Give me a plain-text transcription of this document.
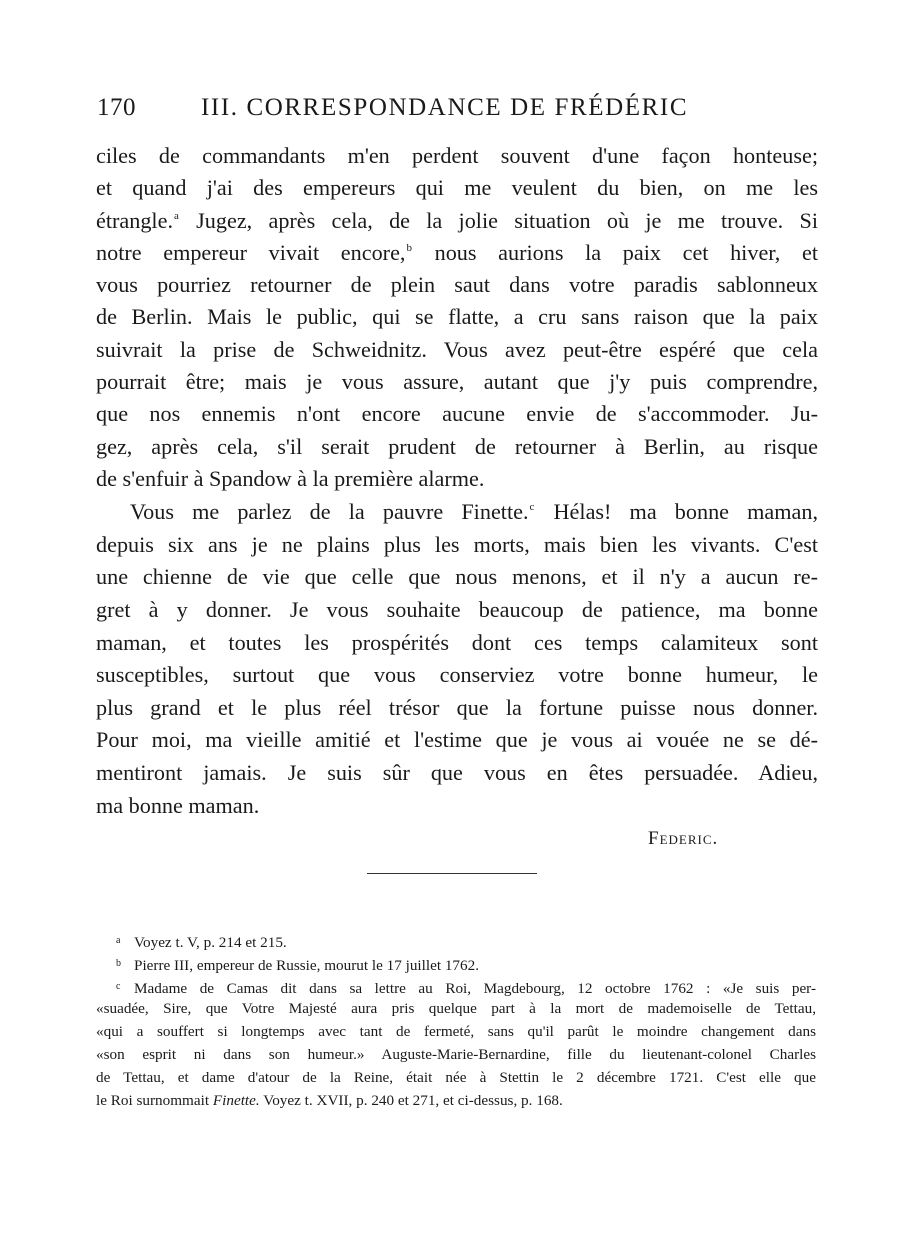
170	III. CORRESPONDANCE DE FRÉDÉRIC
ciles de commandants m'en perdent souvent d'une façon honteuse;
et quand j'ai des empereurs qui me veulent du bien, on me les
étrangle.$^a$ Jugez, après cela, de la jolie situation où je me trouve. Si
notre empereur vivait encore,$^b$ nous aurions la paix cet hiver, et
vous pourriez retourner de plein saut dans votre paradis sablonneux
de Berlin. Mais le public, qui se flatte, a cru sans raison que la paix
suivrait la prise de Schweidnitz. Vous avez peut-être espéré que cela
pourrait être; mais je vous assure, autant que j'y puis comprendre,
que nos ennemis n'ont encore aucune envie de s'accommoder. Ju-
gez, après cela, s'il serait prudent de retourner à Berlin, au risque
de s'enfuir à Spandow à la première alarme.
Vous me parlez de la pauvre Finette.$^c$ Hélas! ma bonne maman,
depuis six ans je ne plains plus les morts, mais bien les vivants. C'est
une chienne de vie que celle que nous menons, et il n'y a aucun re-
gret à y donner. Je vous souhaite beaucoup de patience, ma bonne
maman, et toutes les prospérités dont ces temps calamiteux sont
susceptibles, surtout que vous conserviez votre bonne humeur, le
plus grand et le plus réel trésor que la fortune puisse nous donner.
Pour moi, ma vieille amitié et l'estime que je vous ai vouée ne se dé-
mentiront jamais. Je suis sûr que vous en êtes persuadée. Adieu,
ma bonne maman.
Federic.
a Voyez t. V, p. 214 et 215.
b Pierre III, empereur de Russie, mourut le 17 juillet 1762.
c Madame de Camas dit dans sa lettre au Roi, Magdebourg, 12 octobre 1762 : «Je suis per-
«suadée, Sire, que Votre Majesté aura pris quelque part à la mort de mademoiselle de Tettau,
«qui a souffert si longtemps avec tant de fermeté, sans qu'il parût le moindre changement dans
«son esprit ni dans son humeur.» Auguste-Marie-Bernardine, fille du lieutenant-colonel Charles
de Tettau, et dame d'atour de la Reine, était née à Stettin le 2 décembre 1721. C'est elle que
le Roi surnommait Finette. Voyez t. XVII, p. 240 et 271, et ci-dessus, p. 168.
